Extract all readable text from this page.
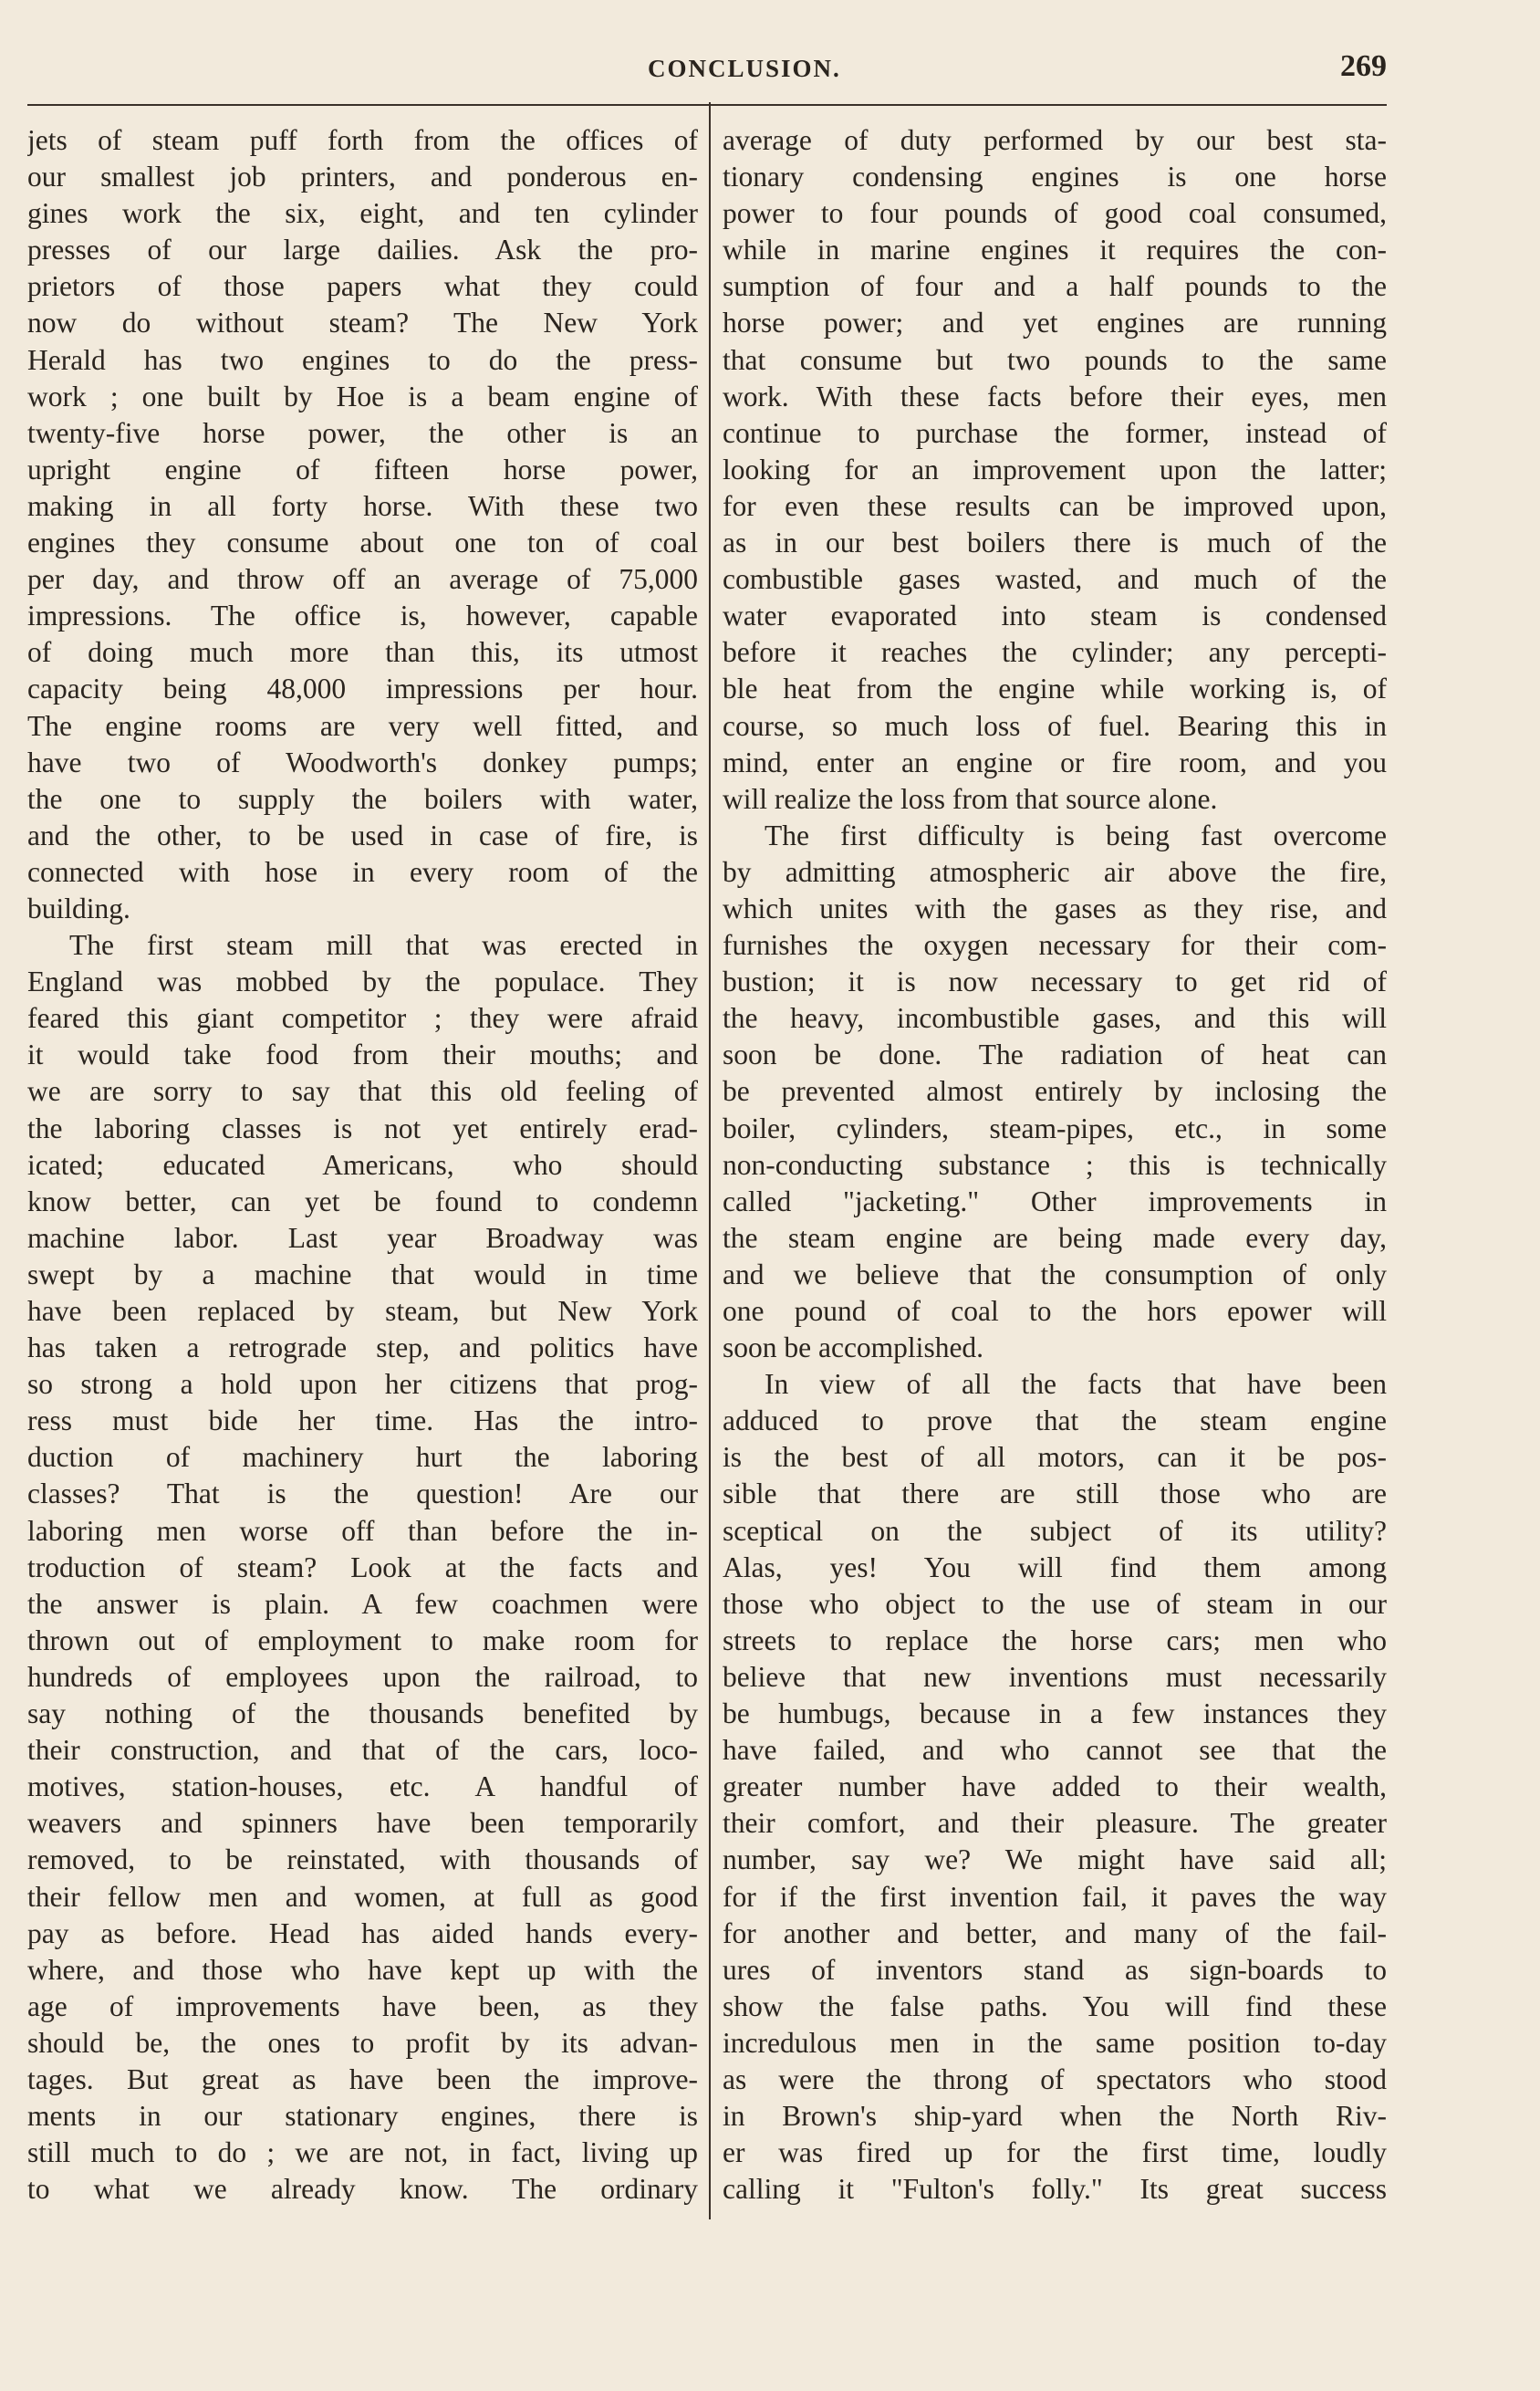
CONCLUSION.	269
jets of steam puff forth from the offices of
our smallest job printers, and ponderous en-
gines work the six, eight, and ten cylinder
presses of our large dailies. Ask the pro-
prietors of those papers what they could
now do without steam? The New York
Herald has two engines to do the press-
work ; one built by Hoe is a beam engine of
twenty-five horse power, the other is an
upright engine of fifteen horse power,
making in all forty horse. With these two
engines they consume about one ton of coal
per day, and throw off an average of 75,000
impressions. The office is, however, capable
of doing much more than this, its utmost
capacity being 48,000 impressions per hour.
The engine rooms are very well fitted, and
have two of Woodworth's donkey pumps;
the one to supply the boilers with water,
and the other, to be used in case of fire, is
connected with hose in every room of the
building.
The first steam mill that was erected in
England was mobbed by the populace. They
feared this giant competitor ; they were afraid
it would take food from their mouths; and
we are sorry to say that this old feeling of
the laboring classes is not yet entirely erad-
icated; educated Americans, who should
know better, can yet be found to condemn
machine labor. Last year Broadway was
swept by a machine that would in time
have been replaced by steam, but New York
has taken a retrograde step, and politics have
so strong a hold upon her citizens that prog-
ress must bide her time. Has the intro-
duction of machinery hurt the laboring
classes? That is the question! Are our
laboring men worse off than before the in-
troduction of steam? Look at the facts and
the answer is plain. A few coachmen were
thrown out of employment to make room for
hundreds of employees upon the railroad, to
say nothing of the thousands benefited by
their construction, and that of the cars, loco-
motives, station-houses, etc. A handful of
weavers and spinners have been temporarily
removed, to be reinstated, with thousands of
their fellow men and women, at full as good
pay as before. Head has aided hands every-
where, and those who have kept up with the
age of improvements have been, as they
should be, the ones to profit by its advan-
tages. But great as have been the improve-
ments in our stationary engines, there is
still much to do ; we are not, in fact, living up
to what we already know. The ordinary
average of duty performed by our best sta-
tionary condensing engines is one horse
power to four pounds of good coal consumed,
while in marine engines it requires the con-
sumption of four and a half pounds to the
horse power; and yet engines are running
that consume but two pounds to the same
work. With these facts before their eyes, men
continue to purchase the former, instead of
looking for an improvement upon the latter;
for even these results can be improved upon,
as in our best boilers there is much of the
combustible gases wasted, and much of the
water evaporated into steam is condensed
before it reaches the cylinder; any percepti-
ble heat from the engine while working is, of
course, so much loss of fuel. Bearing this in
mind, enter an engine or fire room, and you
will realize the loss from that source alone.
The first difficulty is being fast overcome
by admitting atmospheric air above the fire,
which unites with the gases as they rise, and
furnishes the oxygen necessary for their com-
bustion; it is now necessary to get rid of
the heavy, incombustible gases, and this will
soon be done. The radiation of heat can
be prevented almost entirely by inclosing the
boiler, cylinders, steam-pipes, etc., in some
non-conducting substance ; this is technically
called "jacketing." Other improvements in
the steam engine are being made every day,
and we believe that the consumption of only
one pound of coal to the hors epower will
soon be accomplished.
In view of all the facts that have been
adduced to prove that the steam engine
is the best of all motors, can it be pos-
sible that there are still those who are
sceptical on the subject of its utility?
Alas, yes! You will find them among
those who object to the use of steam in our
streets to replace the horse cars; men who
believe that new inventions must necessarily
be humbugs, because in a few instances they
have failed, and who cannot see that the
greater number have added to their wealth,
their comfort, and their pleasure. The greater
number, say we? We might have said all;
for if the first invention fail, it paves the way
for another and better, and many of the fail-
ures of inventors stand as sign-boards to
show the false paths. You will find these
incredulous men in the same position to-day
as were the throng of spectators who stood
in Brown's ship-yard when the North Riv-
er was fired up for the first time, loudly
calling it "Fulton's folly." Its great success
